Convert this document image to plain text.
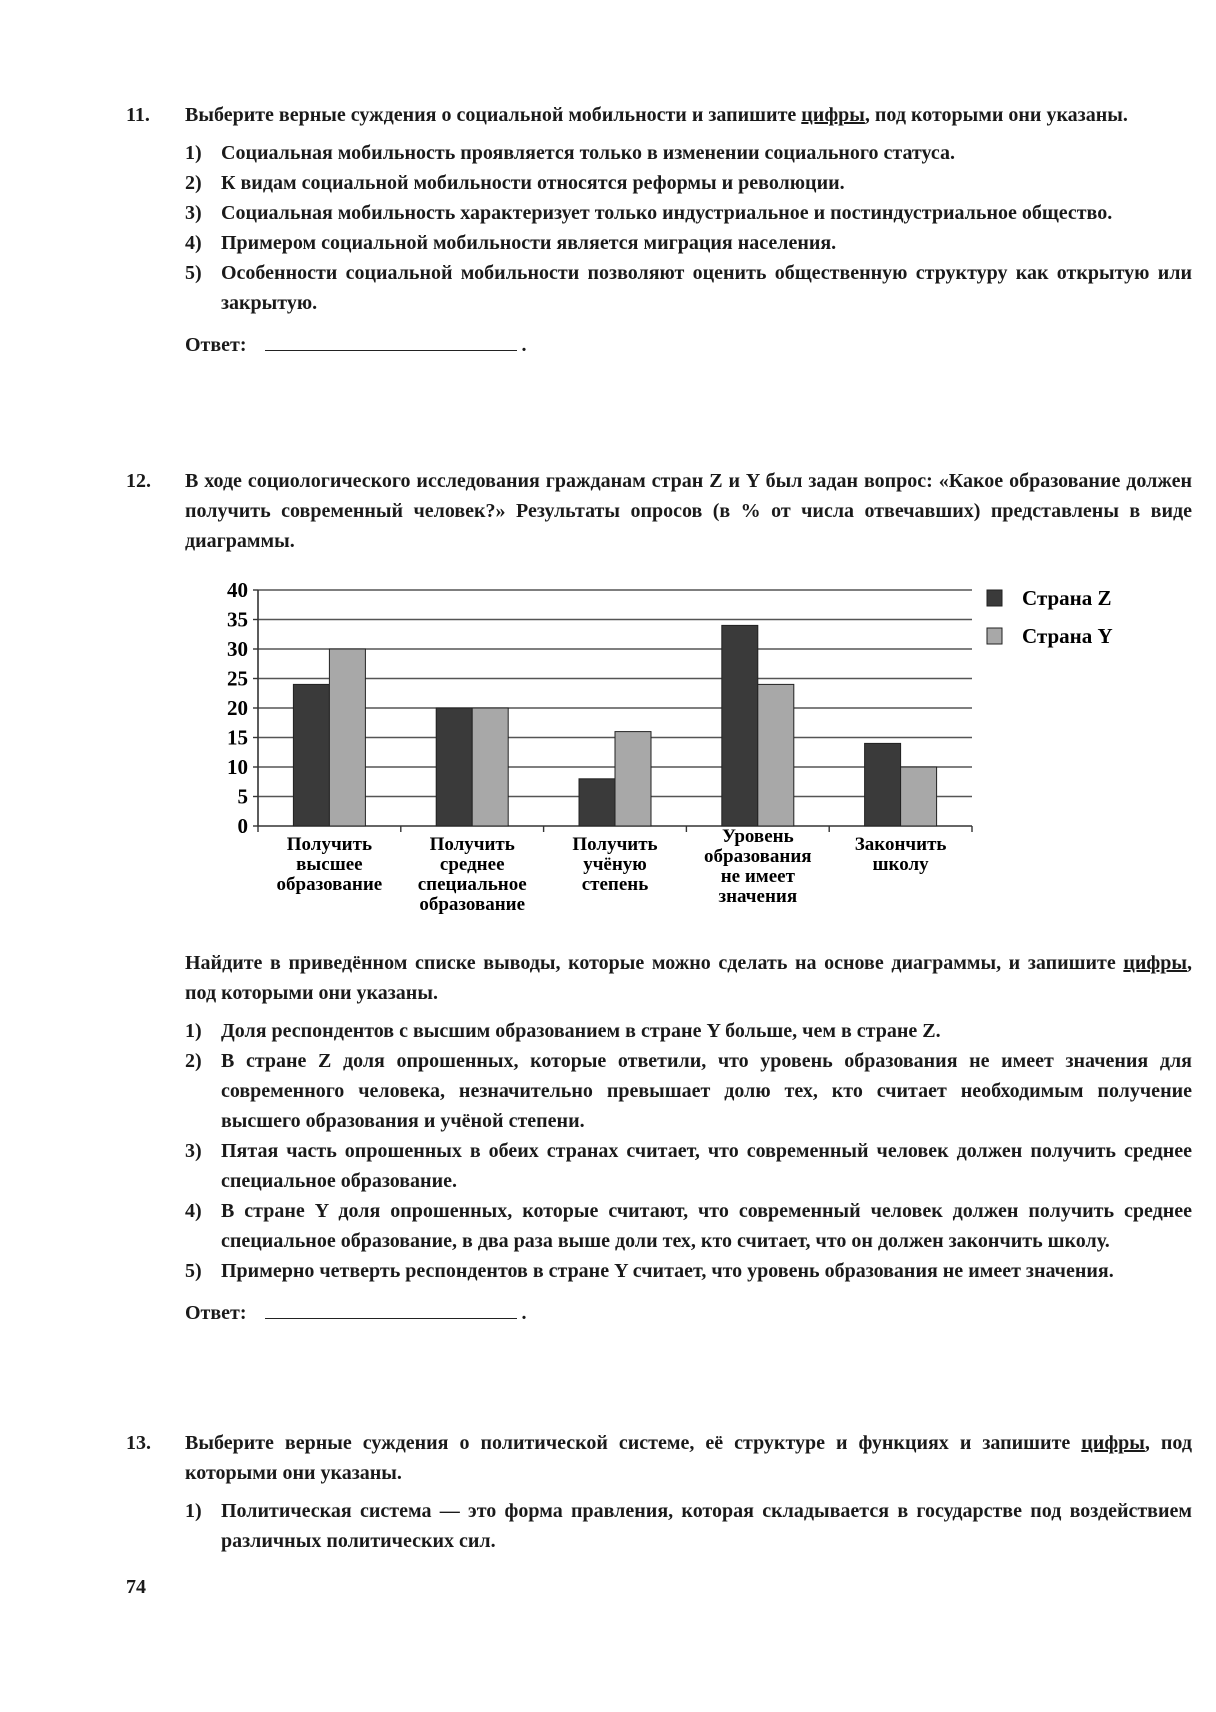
11. Выберите верные суждения о социальной мобильности и запишите цифры, под которыми они указаны.
1) Социальная мобильность проявляется только в изменении социального статуса.
2) К видам социальной мобильности относятся реформы и революции.
3) Социальная мобильность характеризует только индустриальное и постиндустриальное общество.
4) Примером социальной мобильности является миграция населения.
5) Особенности социальной мобильности позволяют оценить общественную структуру как открытую или закрытую.
Ответ:	.
12. В ходе социологического исследования гражданам стран Z и Y был задан вопрос: «Какое образование должен получить современный человек?» Результаты опросов (в % от числа отвечавших) представлены в виде диаграммы.
0
5
10
15
20
25
30
35
40
Получить
высшее
образование
Получить
среднее
специальное
образование
Получить
учёную
степень
Уровень
образования
не имеет
значения
Закончить
школу
Страна Z
Страна Y
Найдите в приведённом списке выводы, которые можно сделать на основе диаграммы, и запишите цифры, под которыми они указаны.
1) Доля респондентов с высшим образованием в стране Y больше, чем в стране Z.
2) В стране Z доля опрошенных, которые ответили, что уровень образования не имеет значения для современного человека, незначительно превышает долю тех, кто считает необходимым получение высшего образования и учёной степени.
3) Пятая часть опрошенных в обеих странах считает, что современный человек должен получить среднее специальное образование.
4) В стране Y доля опрошенных, которые считают, что современный человек должен получить среднее специальное образование, в два раза выше доли тех, кто считает, что он должен закончить школу.
5) Примерно четверть респондентов в стране Y считает, что уровень образования не имеет значения.
Ответ:	.
13. Выберите верные суждения о политической системе, её структуре и функциях и запишите цифры, под которыми они указаны.
1) Политическая система — это форма правления, которая складывается в государстве под воздействием различных политических сил.
74
